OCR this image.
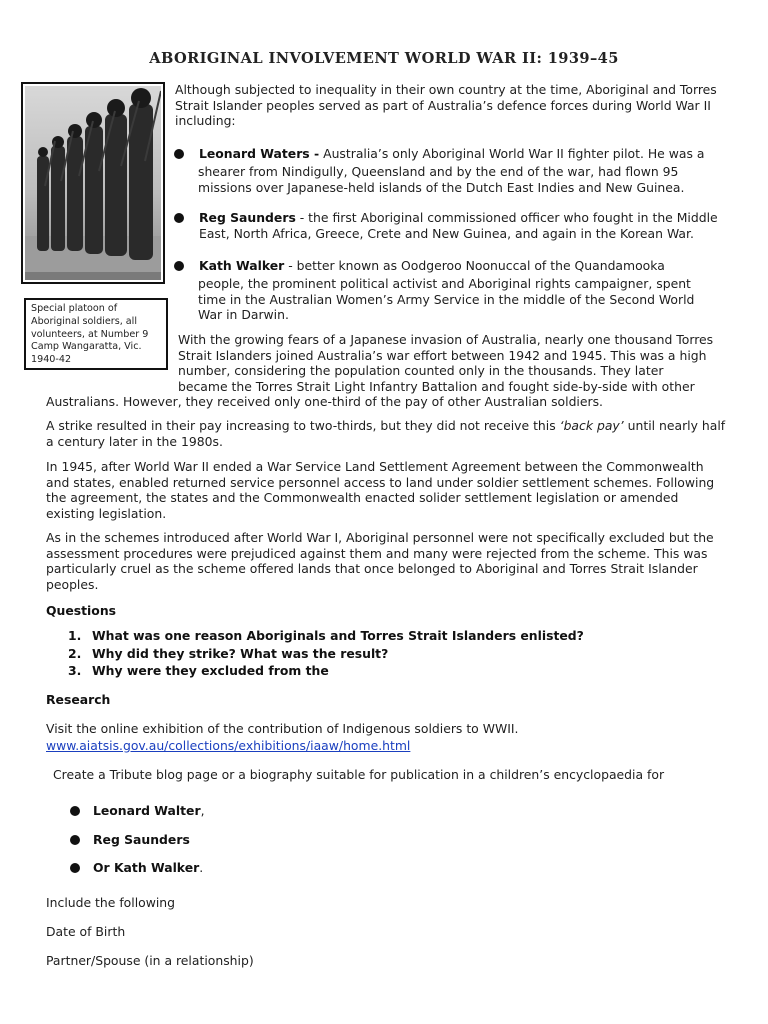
ABORIGINAL INVOLVEMENT WORLD WAR II: 1939–45
Special platoon of Aboriginal soldiers, all volunteers, at Number 9 Camp Wangaratta, Vic. 1940-42
Although subjected to inequality in their own country at the time, Aboriginal and Torres Strait Islander peoples served as part of Australia’s defence forces during World War II including:
Leonard Waters - Australia’s only Aboriginal World War II fighter pilot. He was a
shearer from Nindigully, Queensland and by the end of the war, had flown 95 missions over Japanese-held islands of the Dutch East Indies and New Guinea.
Reg Saunders - the first Aboriginal commissioned officer who fought in the Middle East, North Africa, Greece, Crete and New Guinea, and again in the Korean War.
Kath Walker - better known as Oodgeroo Noonuccal of the Quandamooka
people, the prominent political activist and Aboriginal rights campaigner, spent time in the Australian Women’s Army Service in the middle of the Second World War in Darwin.
With the growing fears of a Japanese invasion of Australia, nearly one thousand Torres
Strait Islanders joined Australia’s war effort between 1942 and 1945. This was a high
number, considering the population counted only in the thousands. They later
became the Torres Strait Light Infantry Battalion and fought side-by-side with other
Australians. However, they received only one-third of the pay of other Australian soldiers.
A strike resulted in their pay increasing to two-thirds, but they did not receive this ‘back pay’ until nearly half a century later in the 1980s.
In 1945, after World War II ended a War Service Land Settlement Agreement between the Commonwealth and states, enabled returned service personnel access to land under soldier settlement schemes. Following the agreement, the states and the Commonwealth enacted solider settlement legislation or amended existing legislation.
As in the schemes introduced after World War I, Aboriginal personnel were not specifically excluded but the assessment procedures were prejudiced against them and many were rejected from the scheme. This was particularly cruel as the scheme offered lands that once belonged to Aboriginal and Torres Strait Islander peoples.
Questions
1. What was one reason Aboriginals and Torres Strait Islanders enlisted?
2. Why did they strike? What was the result?
3. Why were they excluded from the
Research
Visit the online exhibition of the contribution of Indigenous soldiers to WWII.
www.aiatsis.gov.au/collections/exhibitions/iaaw/home.html
Create a Tribute blog page or a biography suitable for publication in a children’s encyclopaedia for
Leonard Walter,
Reg Saunders
Or Kath Walker.
Include the following
Date of Birth
Partner/Spouse (in a relationship)
